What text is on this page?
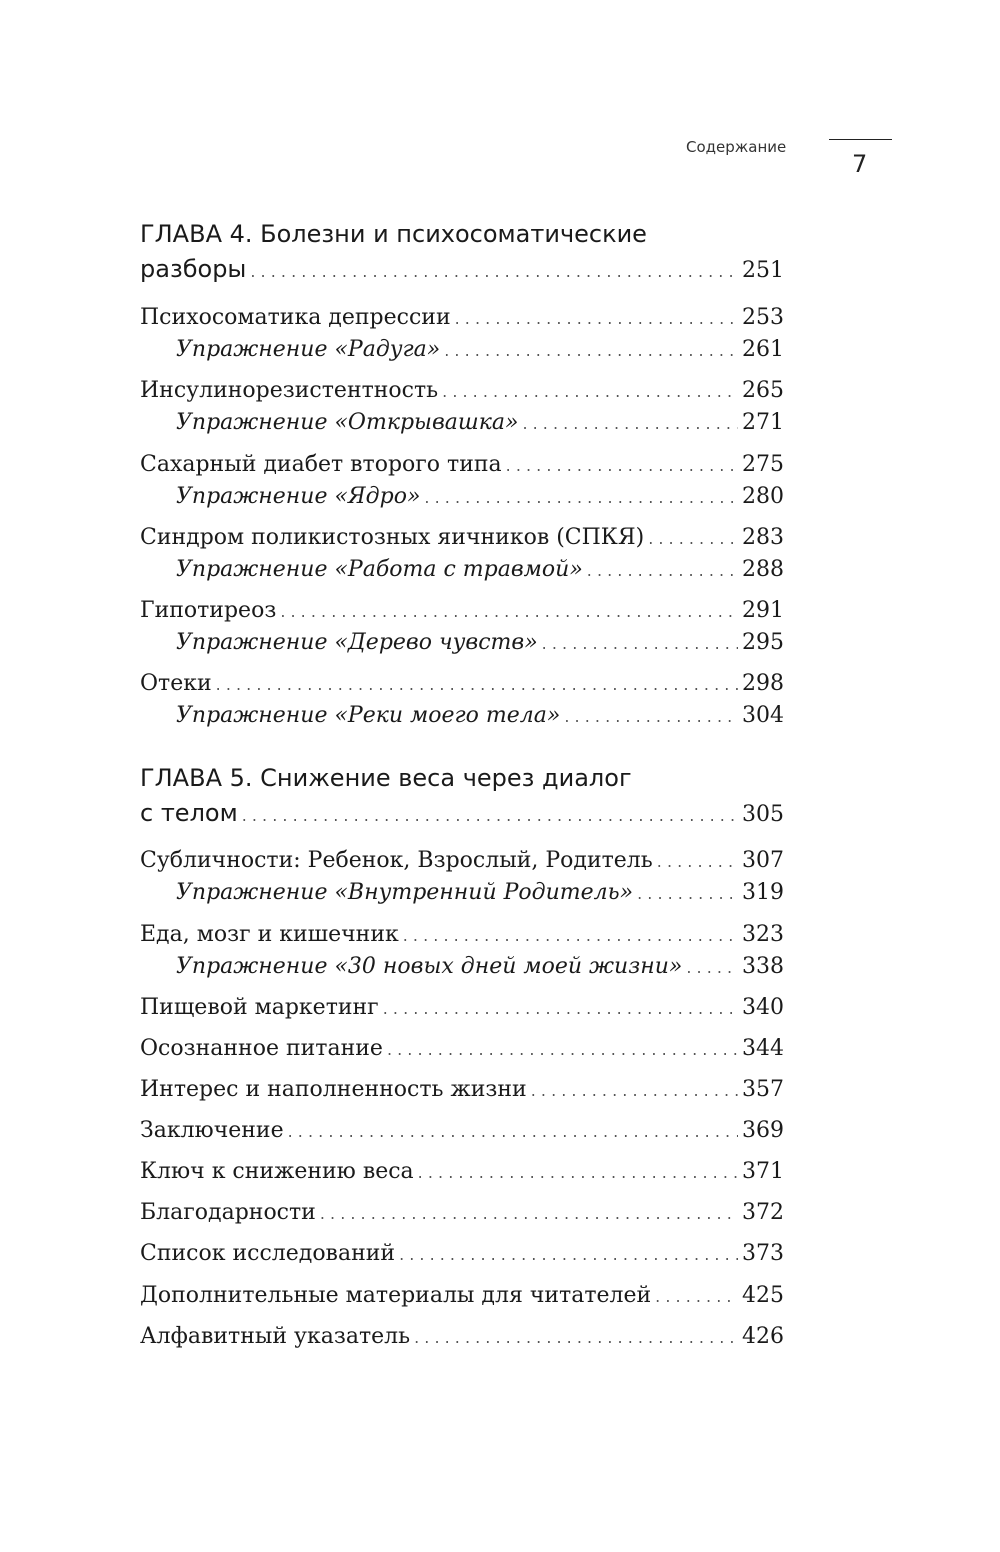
Содержание
7
ГЛАВА 4. Болезни и психосоматические
разборы . . .	251
Психосоматика депрессии . . .	253
Упражнение «Радуга» . . .	261
Инсулинорезистентность . . .	265
Упражнение «Открывашка» . . .	271
Сахарный диабет второго типа . . .	275
Упражнение «Ядро» . . .	280
Синдром поликистозных яичников (СПКЯ) . . .	283
Упражнение «Работа с травмой» . . .	288
Гипотиреоз . . .	291
Упражнение «Дерево чувств» . . .	295
Отеки . . .	298
Упражнение «Реки моего тела» . . .	304
ГЛАВА 5. Снижение веса через диалог
с телом . . .	305
Субличности: Ребенок, Взрослый, Родитель . . .	307
Упражнение «Внутренний Родитель» . . .	319
Еда, мозг и кишечник . . .	323
Упражнение «30 новых дней моей жизни» . . .	338
Пищевой маркетинг . . .	340
Осознанное питание . . .	344
Интерес и наполненность жизни . . .	357
Заключение . . .	369
Ключ к снижению веса . . .	371
Благодарности . . .	372
Список исследований . . .	373
Дополнительные материалы для читателей . . .	425
Алфавитный указатель . . .	426
